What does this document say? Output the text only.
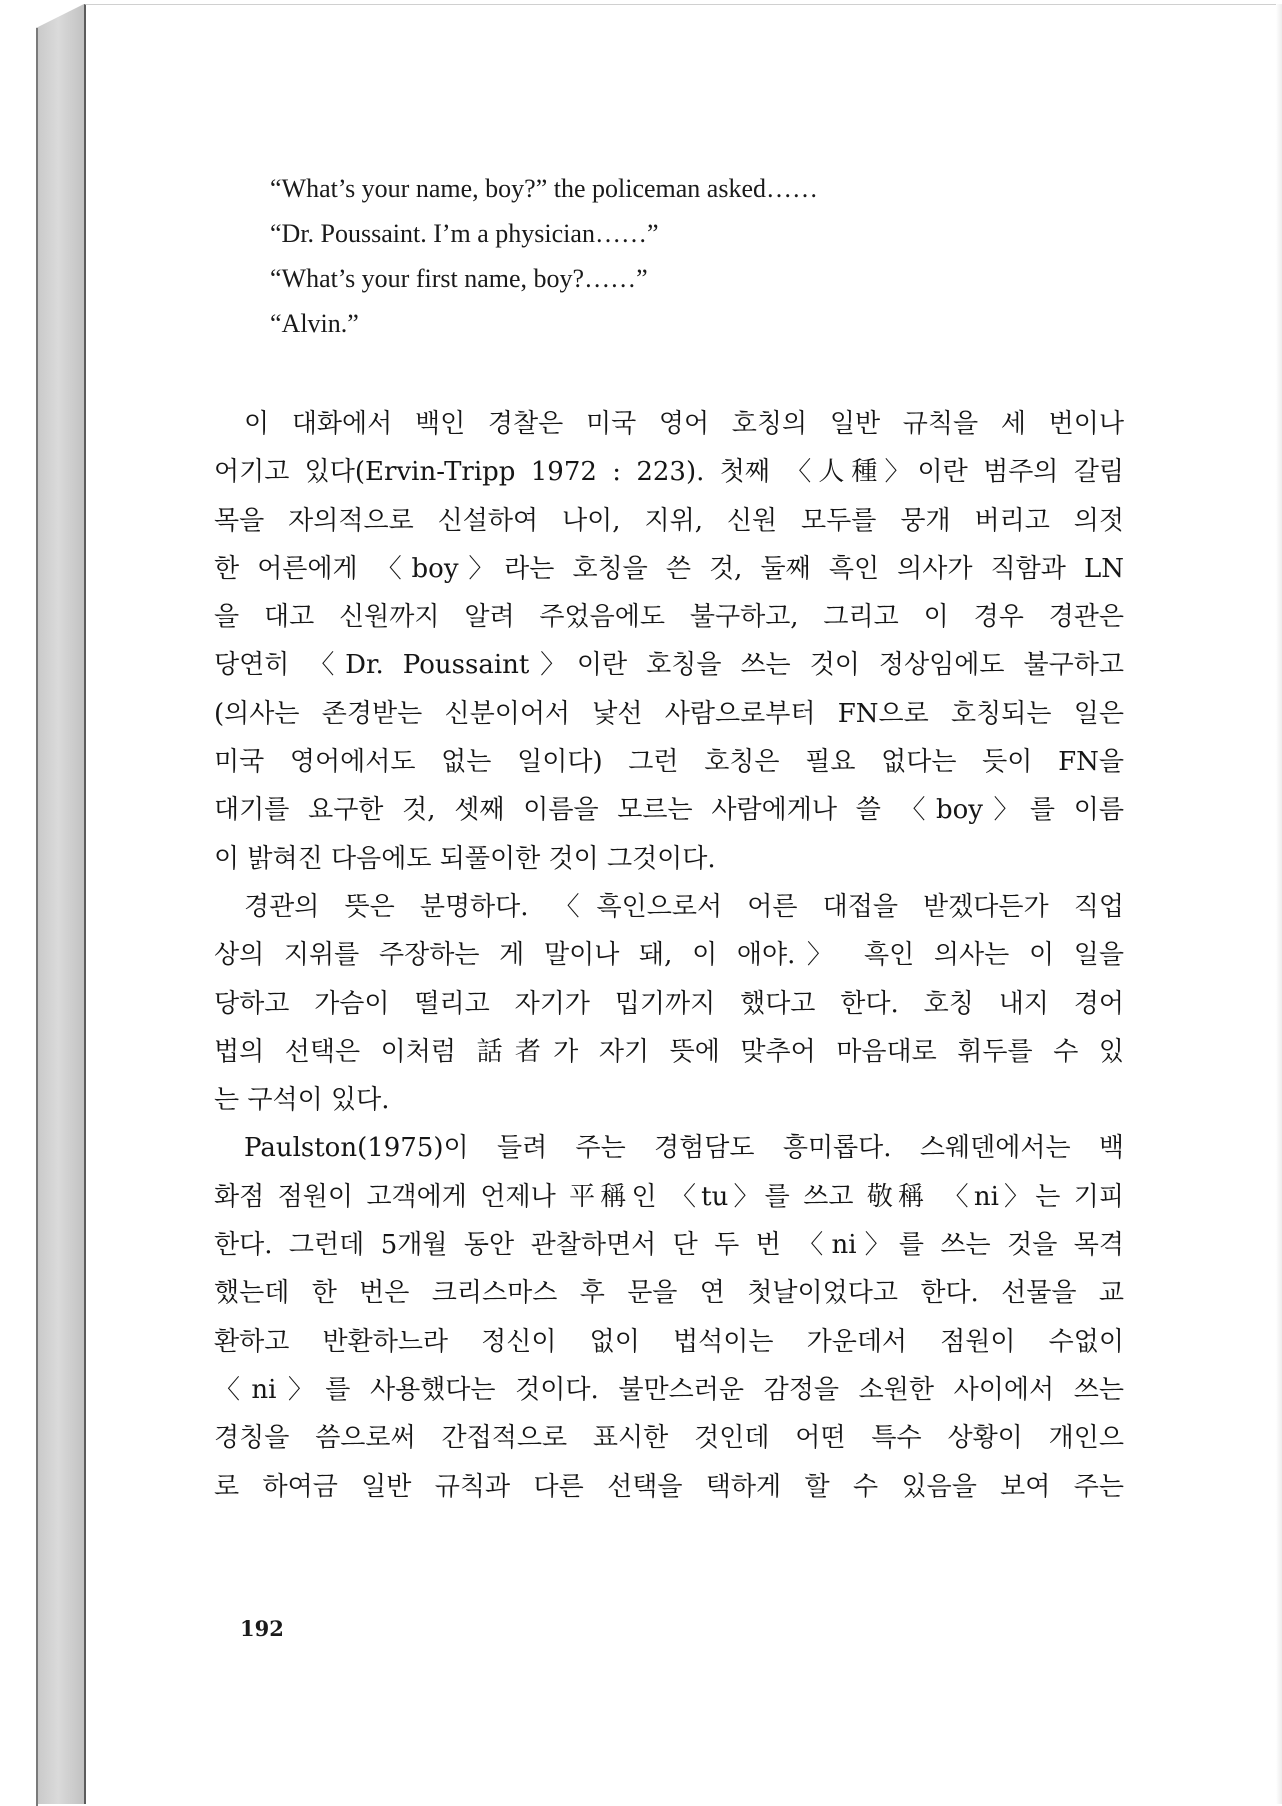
“What’s your name, boy?” the policeman asked……
“Dr. Poussaint. I’m a physician……”
“What’s your first name, boy?……”
“Alvin.”

이 대화에서 백인 경찰은 미국 영어 호칭의 일반 규칙을 세 번이나
어기고 있다(Ervin-Tripp 1972 : 223). 첫째 〈人種〉이란 범주의 갈림
목을 자의적으로 신설하여 나이, 지위, 신원 모두를 뭉개 버리고 의젓
한 어른에게 〈boy〉라는 호칭을 쓴 것, 둘째 흑인 의사가 직함과 LN
을 대고 신원까지 알려 주었음에도 불구하고, 그리고 이 경우 경관은
당연히 〈Dr. Poussaint〉이란 호칭을 쓰는 것이 정상임에도 불구하고
(의사는 존경받는 신분이어서 낯선 사람으로부터 FN으로 호칭되는 일은
미국 영어에서도 없는 일이다) 그런 호칭은 필요 없다는 듯이 FN을
대기를 요구한 것, 셋째 이름을 모르는 사람에게나 쓸 〈boy〉를 이름
이 밝혀진 다음에도 되풀이한 것이 그것이다.

경관의 뜻은 분명하다. 〈흑인으로서 어른 대접을 받겠다든가 직업
상의 지위를 주장하는 게 말이나 돼, 이 애야.〉 흑인 의사는 이 일을
당하고 가슴이 떨리고 자기가 밉기까지 했다고 한다. 호칭 내지 경어
법의 선택은 이처럼 話者가 자기 뜻에 맞추어 마음대로 휘두를 수 있
는 구석이 있다.

Paulston(1975)이 들려 주는 경험담도 흥미롭다. 스웨덴에서는 백
화점 점원이 고객에게 언제나 平稱인 〈tu〉를 쓰고 敬稱 〈ni〉는 기피
한다. 그런데 5개월 동안 관찰하면서 단 두 번 〈ni〉를 쓰는 것을 목격
했는데 한 번은 크리스마스 후 문을 연 첫날이었다고 한다. 선물을 교
환하고 반환하느라 정신이 없이 법석이는 가운데서 점원이 수없이
〈ni〉를 사용했다는 것이다. 불만스러운 감정을 소원한 사이에서 쓰는
경칭을 씀으로써 간접적으로 표시한 것인데 어떤 특수 상황이 개인으
로 하여금 일반 규칙과 다른 선택을 택하게 할 수 있음을 보여 주는

192
